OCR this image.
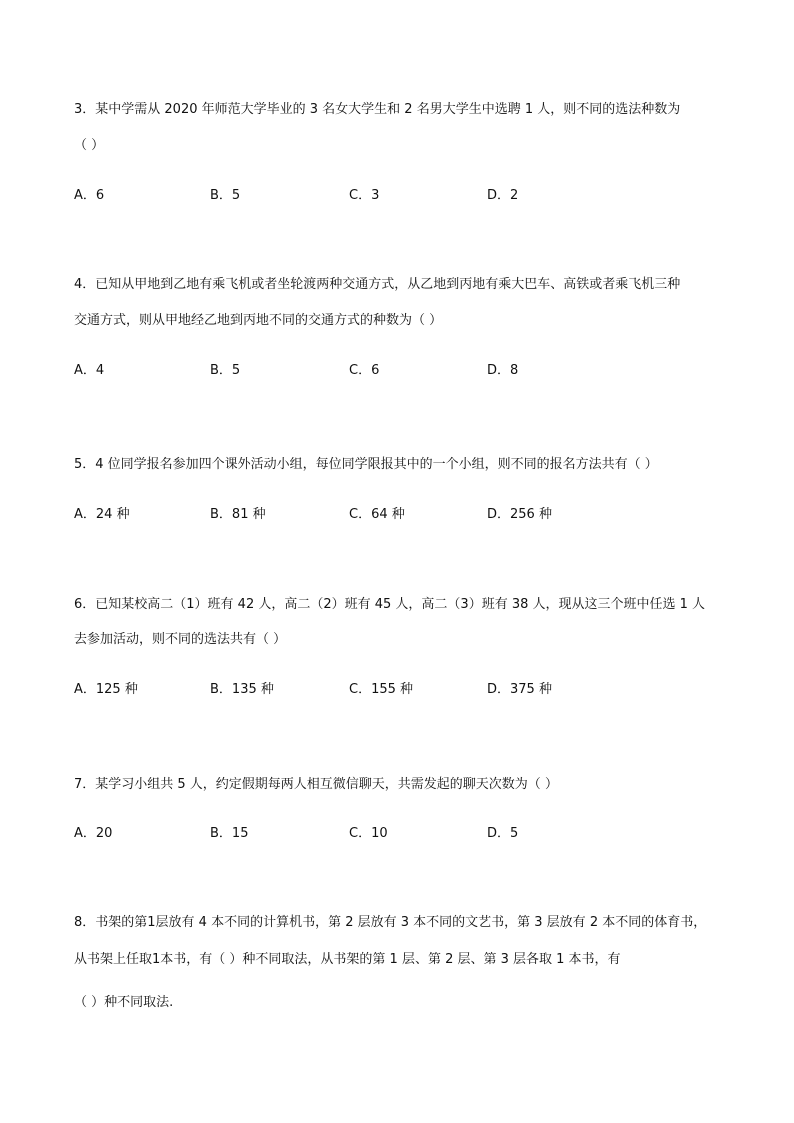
3．某中学需从 2020 年师范大学毕业的 3 名女大学生和 2 名男大学生中选聘 1 人，则不同的选法种数为
（ ）
A．6	B．5	C．3	D．2
4．已知从甲地到乙地有乘飞机或者坐轮渡两种交通方式，从乙地到丙地有乘大巴车、高铁或者乘飞机三种
交通方式，则从甲地经乙地到丙地不同的交通方式的种数为（ ）
A．4	B．5	C．6	D．8
5．4 位同学报名参加四个课外活动小组，每位同学限报其中的一个小组，则不同的报名方法共有（ ）
A．24 种	B．81 种	C．64 种	D．256 种
6．已知某校高二（1）班有 42 人，高二（2）班有 45 人，高二（3）班有 38 人，现从这三个班中任选 1 人
去参加活动，则不同的选法共有（ ）
A．125 种	B．135 种	C．155 种	D．375 种
7．某学习小组共 5 人，约定假期每两人相互微信聊天，共需发起的聊天次数为（ ）
A．20	B．15	C．10	D．5
8．书架的第1层放有 4 本不同的计算机书，第 2 层放有 3 本不同的文艺书，第 3 层放有 2 本不同的体育书，
从书架上任取1本书，有（ ）种不同取法，从书架的第 1 层、第 2 层、第 3 层各取 1 本书，有
（ ）种不同取法.
